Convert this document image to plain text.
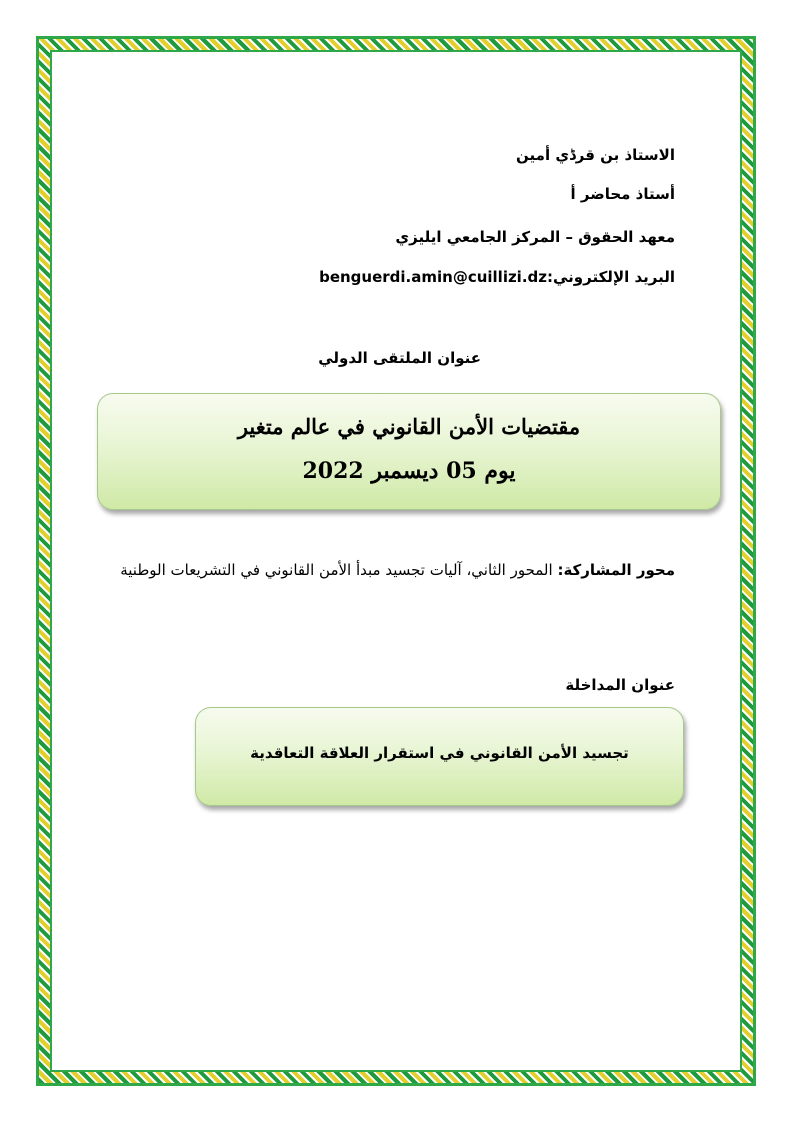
الاستاذ بن قرڈي أمين
أستاذ محاضر أ
معهد الحقوق – المركز الجامعي ايليزي
البريد الإلكتروني:benguerdi.amin@cuillizi.dz
عنوان الملتقى الدولي
مقتضيات الأمن القانوني في عالم متغير
يوم 05 ديسمبر 2022
محور المشاركة: المحور الثاني، آليات تجسيد مبدأ الأمن القانوني في التشريعات الوطنية
عنوان المداخلة
تجسيد الأمن القانوني في استقرار العلاقة التعاقدية
